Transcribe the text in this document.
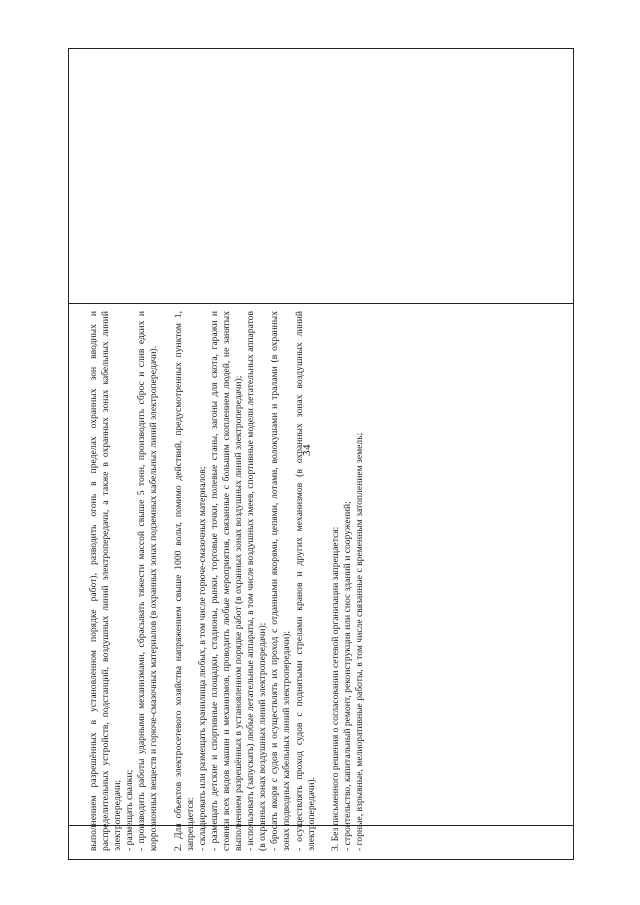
34

выполнением разрешённых в установленном порядке работ), разводить огонь в пределах охранных зон вводных и распределительных устройств, подстанций, воздушных линий электропередачи, а также в охранных зонах кабельных линий электропередачи; - размещать свалки; - производить работы ударными механизмами, сбрасывать тяжести массой свыше 5 тонн, производить сброс и слив едких и коррозионных веществ и горюче-смазочных материалов (в охранных зонах подземных кабельных линий электропередачи). 2. Для объектов электросетевого хозяйства напряжением свыше 1000 вольт, помимо действий, предусмотренных пунктом 1, запрещается: - складировать или размещать хранилища любых, в том числе горюче-смазочных материалов; - размещать детские и спортивные площадки, стадионы, рынки, торговые точки, полевые станы, загоны для скота, гаражи и стоянки всех видов машин и механизмов, проводить любые мероприятия, связанные с большим скоплением людей, не занятых выполнением разрешённых в установленном порядке работ (в охранных зонах воздушных линий электропередачи); - использовать (запускать) любые летательные аппараты, в том числе воздушных змеев, спортивные модели летательных аппаратов (в охранных зонах воздушных линий электропередачи); - бросать якоря с судов и осуществлять их проход с отданными якорями, цепями, лотами, волокушами и тралами (в охранных зонах подводных кабельных линий электропередачи); - осуществлять проход судов с поднятыми стрелами кранов и других механизмов (в охранных зонах воздушных линий электропередачи). 3. Без письменного решения о согласовании сетевой организации запрещается: - строительство, капитальный ремонт, реконструкция или снос зданий и сооружений; - горные, взрывные, мелиоративные работы, в том числе связанные с временным затоплением земель;
